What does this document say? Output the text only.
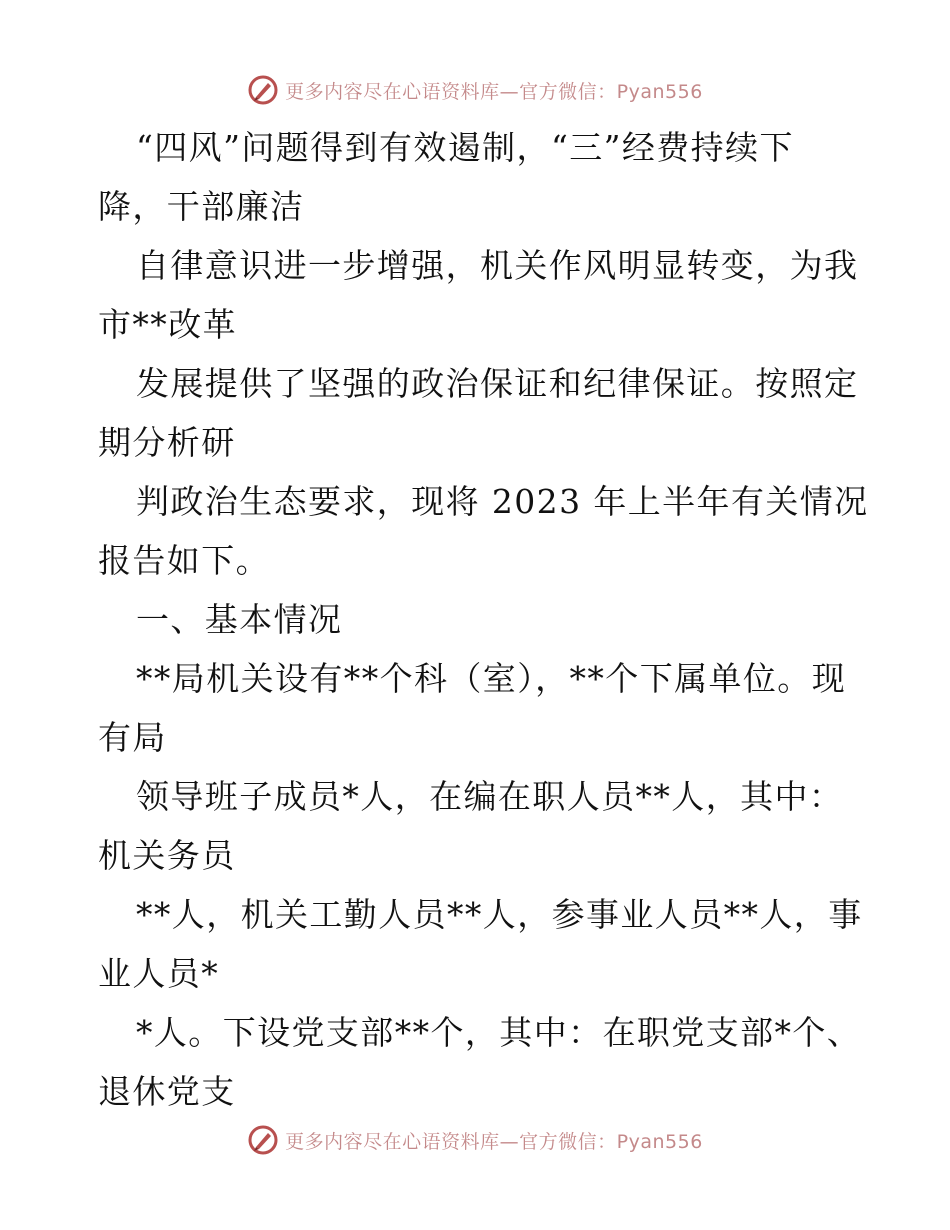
更多内容尽在心语资料库—官方微信：Pyan556
“四风”问题得到有效遏制，“三”经费持续下
降，干部廉洁
自律意识进一步增强，机关作风明显转变，为我
市**改革
发展提供了坚强的政治保证和纪律保证。按照定
期分析研
判政治生态要求，现将 2023 年上半年有关情况
报告如下。
一、基本情况
**局机关设有**个科（室），**个下属单位。现
有局
领导班子成员*人，在编在职人员**人，其中：
机关务员
**人，机关工勤人员**人，参事业人员**人，事
业人员*
*人。下设党支部**个，其中：在职党支部*个、
退休党支
更多内容尽在心语资料库—官方微信：Pyan556
